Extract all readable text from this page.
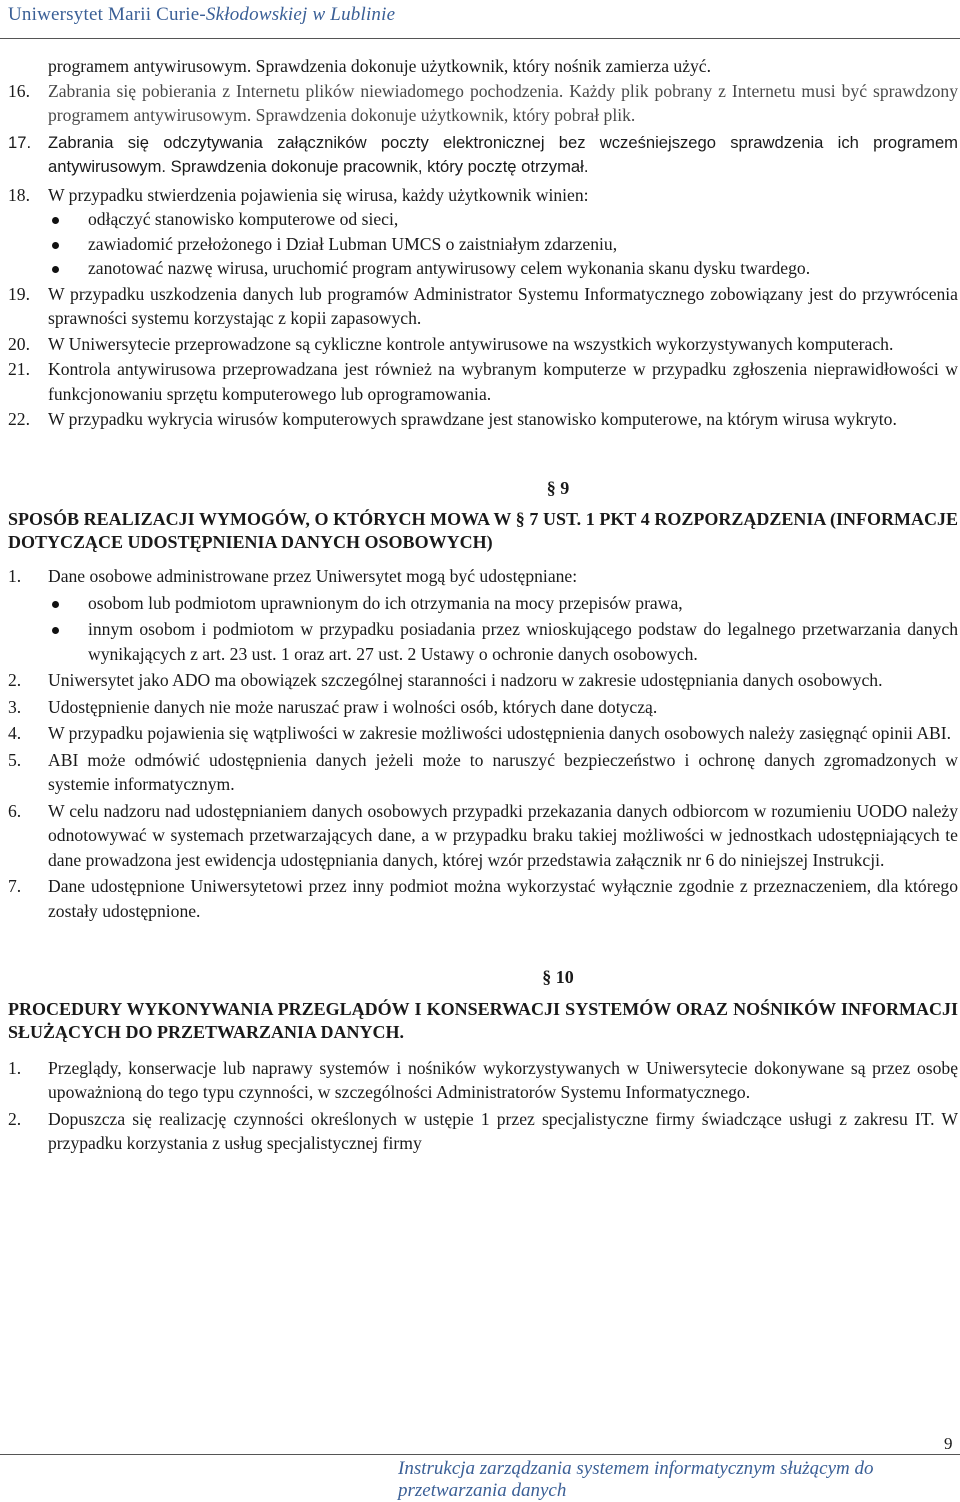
Uniwersytet Marii Curie-Skłodowskiej w Lublinie
programem antywirusowym. Sprawdzenia dokonuje użytkownik, który nośnik zamierza użyć.
16. Zabrania się pobierania z Internetu plików niewiadomego pochodzenia. Każdy plik pobrany z Internetu musi być sprawdzony programem antywirusowym. Sprawdzenia dokonuje użytkownik, który pobrał plik.
17. Zabrania się odczytywania załączników poczty elektronicznej bez wcześniejszego sprawdzenia ich programem antywirusowym. Sprawdzenia dokonuje pracownik, który pocztę otrzymał.
18. W przypadku stwierdzenia pojawienia się wirusa, każdy użytkownik winien:
odłączyć stanowisko komputerowe od sieci,
zawiadomić przełożonego i Dział Lubman UMCS o zaistniałym zdarzeniu,
zanotować nazwę wirusa, uruchomić program antywirusowy celem wykonania skanu dysku twardego.
19. W przypadku uszkodzenia danych lub programów Administrator Systemu Informatycznego zobowiązany jest do przywrócenia sprawności systemu korzystając z kopii zapasowych.
20. W Uniwersytecie przeprowadzone są cykliczne kontrole antywirusowe na wszystkich wykorzystywanych komputerach.
21. Kontrola antywirusowa przeprowadzana jest również na wybranym komputerze w przypadku zgłoszenia nieprawidłowości w funkcjonowaniu sprzętu komputerowego lub oprogramowania.
22. W przypadku wykrycia wirusów komputerowych sprawdzane jest stanowisko komputerowe, na którym wirusa wykryto.
§ 9
SPOSÓB REALIZACJI WYMOGÓW, O KTÓRYCH MOWA W § 7 UST. 1 PKT 4 ROZPORZĄDZENIA (INFORMACJE DOTYCZĄCE UDOSTĘPNIENIA DANYCH OSOBOWYCH)
1. Dane osobowe administrowane przez Uniwersytet mogą być udostępniane:
osobom lub podmiotom uprawnionym do ich otrzymania na mocy przepisów prawa,
innym osobom i podmiotom w przypadku posiadania przez wnioskującego podstaw do legalnego przetwarzania danych wynikających z art. 23 ust. 1 oraz art. 27 ust. 2 Ustawy o ochronie danych osobowych.
2. Uniwersytet jako ADO ma obowiązek szczególnej staranności i nadzoru w zakresie udostępniania danych osobowych.
3. Udostępnienie danych nie może naruszać praw i wolności osób, których dane dotyczą.
4. W przypadku pojawienia się wątpliwości w zakresie możliwości udostępnienia danych osobowych należy zasięgnąć opinii ABI.
5. ABI może odmówić udostępnienia danych jeżeli może to naruszyć bezpieczeństwo i ochronę danych zgromadzonych w systemie informatycznym.
6. W celu nadzoru nad udostępnianiem danych osobowych przypadki przekazania danych odbiorcom w rozumieniu UODO należy odnotowywać w systemach przetwarzających dane, a w przypadku braku takiej możliwości w jednostkach udostępniających te dane prowadzona jest ewidencja udostępniania danych, której wzór przedstawia załącznik nr 6 do niniejszej Instrukcji.
7. Dane udostępnione Uniwersytetowi przez inny podmiot można wykorzystać wyłącznie zgodnie z przeznaczeniem, dla którego zostały udostępnione.
§ 10
PROCEDURY WYKONYWANIA PRZEGLĄDÓW I KONSERWACJI SYSTEMÓW ORAZ NOŚNIKÓW INFORMACJI SŁUŻĄCYCH DO PRZETWARZANIA DANYCH.
1. Przeglądy, konserwacje lub naprawy systemów i nośników wykorzystywanych w Uniwersytecie dokonywane są przez osobę upoważnioną do tego typu czynności, w szczególności Administratorów Systemu Informatycznego.
2. Dopuszcza się realizację czynności określonych w ustępie 1 przez specjalistyczne firmy świadczące usługi z zakresu IT. W przypadku korzystania z usług specjalistycznej firmy
9
Instrukcja zarządzania systemem informatycznym służącym do przetwarzania danych
